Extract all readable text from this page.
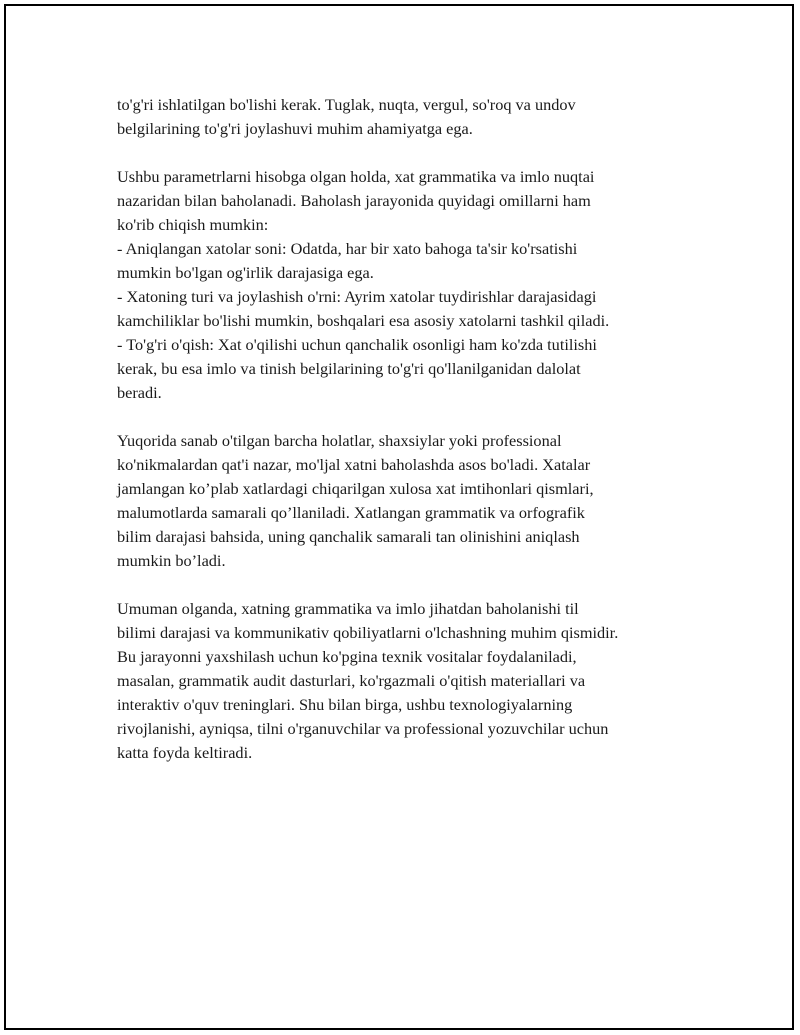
to'g'ri ishlatilgan bo'lishi kerak. Tuglak, nuqta, vergul, so'roq va undov
belgilarining to'g'ri joylashuvi muhim ahamiyatga ega.

Ushbu parametrlarni hisobga olgan holda, xat grammatika va imlo nuqtai
nazaridan bilan baholanadi. Baholash jarayonida quyidagi omillarni ham
ko'rib chiqish mumkin:
- Aniqlangan xatolar soni: Odatda, har bir xato bahoga ta'sir ko'rsatishi
mumkin bo'lgan og'irlik darajasiga ega.
- Xatoning turi va joylashish o'rni: Ayrim xatolar tuydirishlar darajasidagi
kamchiliklar bo'lishi mumkin, boshqalari esa asosiy xatolarni tashkil qiladi.
- To'g'ri o'qish: Xat o'qilishi uchun qanchalik osonligi ham ko'zda tutilishi
kerak, bu esa imlo va tinish belgilarining to'g'ri qo'llanilganidan dalolat
beradi.

Yuqorida sanab o'tilgan barcha holatlar, shaxsiylar yoki professional
ko'nikmalardan qat'i nazar, mo'ljal xatni baholashda asos bo'ladi. Xatalar
jamlangan ko’plab xatlardagi chiqarilgan xulosa xat imtihonlari qismlari,
malumotlarda samarali qo’llaniladi. Xatlangan grammatik va orfografik
bilim darajasi bahsida, uning qanchalik samarali tan olinishini aniqlash
mumkin bo’ladi.

Umuman olganda, xatning grammatika va imlo jihatdan baholanishi til
bilimi darajasi va kommunikativ qobiliyatlarni o'lchashning muhim qismidir.
Bu jarayonni yaxshilash uchun ko'pgina texnik vositalar foydalaniladi,
masalan, grammatik audit dasturlari, ko'rgazmali o'qitish materiallari va
interaktiv o'quv treninglari. Shu bilan birga, ushbu texnologiyalarning
rivojlanishi, ayniqsa, tilni o'rganuvchilar va professional yozuvchilar uchun
katta foyda keltiradi.
